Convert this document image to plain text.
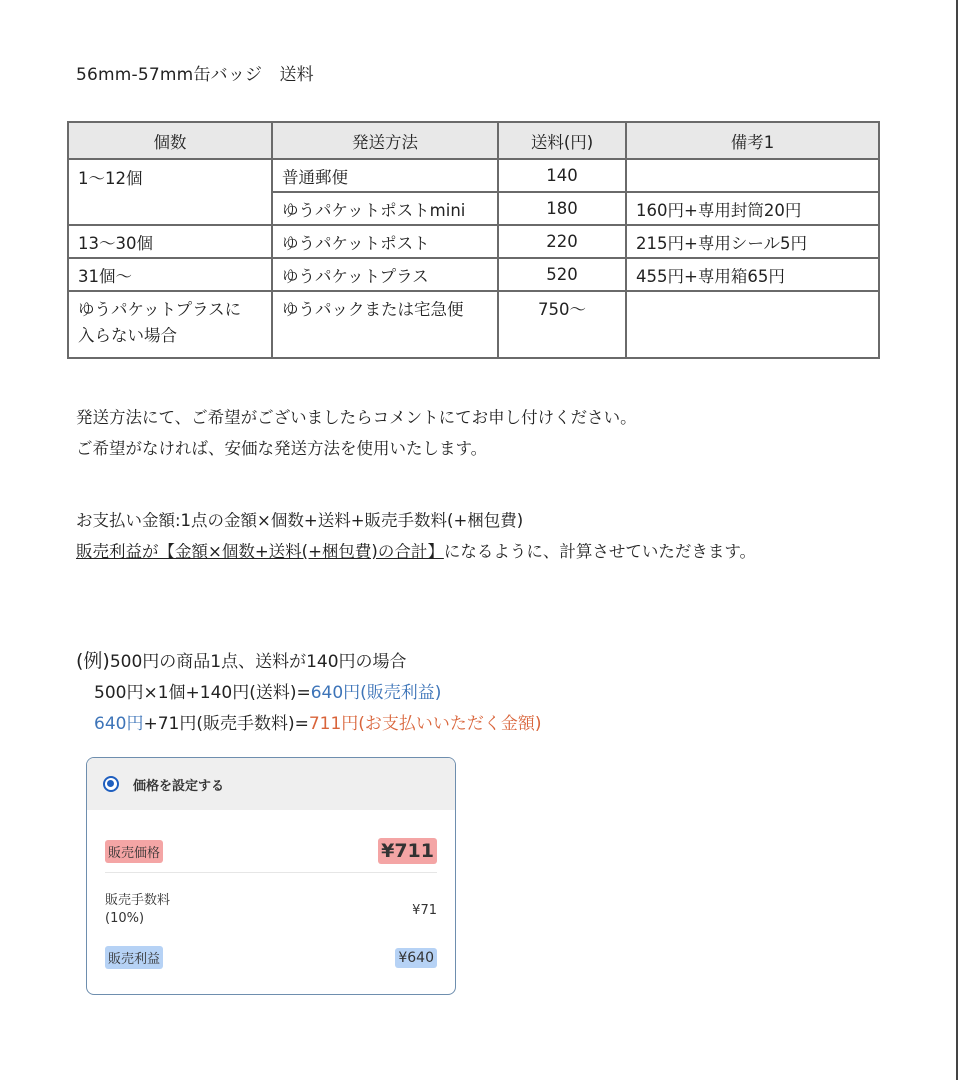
56mm-57mm缶バッジ　送料
個数	発送方法	送料(円)	備考1
1〜12個	普通郵便	140	
	ゆうパケットポストmini	180	160円+専用封筒20円
13〜30個	ゆうパケットポスト	220	215円+専用シール5円
31個〜	ゆうパケットプラス	520	455円+専用箱65円

ゆうパケットプラスに
入らない場合	ゆうパックまたは宅急便	750〜	

発送方法にて、ご希望がございましたらコメントにてお申し付けください。

ご希望がなければ、安価な発送方法を使用いたします。

お支払い金額:1点の金額×個数+送料+販売手数料(+梱包費)

販売利益が【金額×個数+送料(+梱包費)の合計】になるように、計算させていただきます。

(例)500円の商品1点、送料が140円の場合

500円×1個+140円(送料)=640円(販売利益)

640円+71円(販売手数料)=711円(お支払いいただく金額)

価格を設定する
販売価格	¥711
販売手数料
(10%)
¥71
販売利益	¥640
